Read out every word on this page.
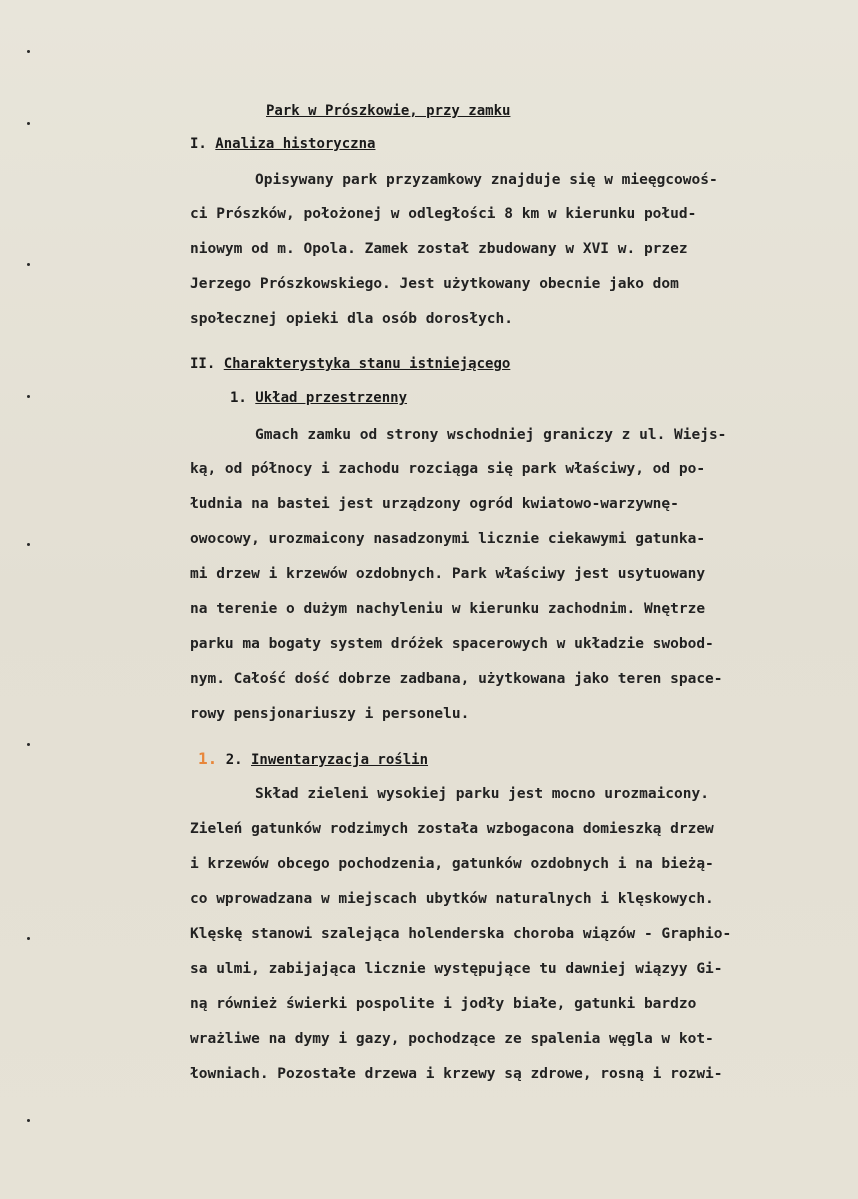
Park w Prószkowie, przy zamku

I. Analiza historyczna

Opisywany park przyzamkowy znajduje się w mieęgcowoś-

ci Prószków, położonej w odległości 8 km w kierunku połud-

niowym od m. Opola. Zamek został zbudowany w XVI w. przez

Jerzego Prószkowskiego. Jest użytkowany obecnie jako dom

społecznej opieki dla osób dorosłych.

II. Charakterystyka stanu istniejącego

1. Układ przestrzenny

Gmach zamku od strony wschodniej graniczy z ul. Wiejs-

ką, od północy i zachodu rozciąga się park właściwy, od po-

łudnia na bastei jest urządzony ogród kwiatowo-warzywnę-

owocowy, urozmaicony nasadzonymi licznie ciekawymi gatunka-

mi drzew i krzewów ozdobnych. Park właściwy jest usytuowany

na terenie o dużym nachyleniu w kierunku zachodnim. Wnętrze

parku ma bogaty system dróżek spacerowych w układzie swobod-

nym. Całość dość dobrze zadbana, użytkowana jako teren space-

rowy pensjonariuszy i personelu.

1. 2. Inwentaryzacja roślin

Skład zieleni wysokiej parku jest mocno urozmaicony.

Zieleń gatunków rodzimych została wzbogacona domieszką drzew

i krzewów obcego pochodzenia, gatunków ozdobnych i na bieżą-

co wprowadzana w miejscach ubytków naturalnych i klęskowych.

Klęskę stanowi szalejąca holenderska choroba wiązów - Graphio-

sa ulmi, zabijająca licznie występujące tu dawniej wiązyy Gi-

ną również świerki pospolite i jodły białe, gatunki bardzo

wrażliwe na dymy i gazy, pochodzące ze spalenia węgla w kot-

łowniach. Pozostałe drzewa i krzewy są zdrowe, rosną i rozwi-
